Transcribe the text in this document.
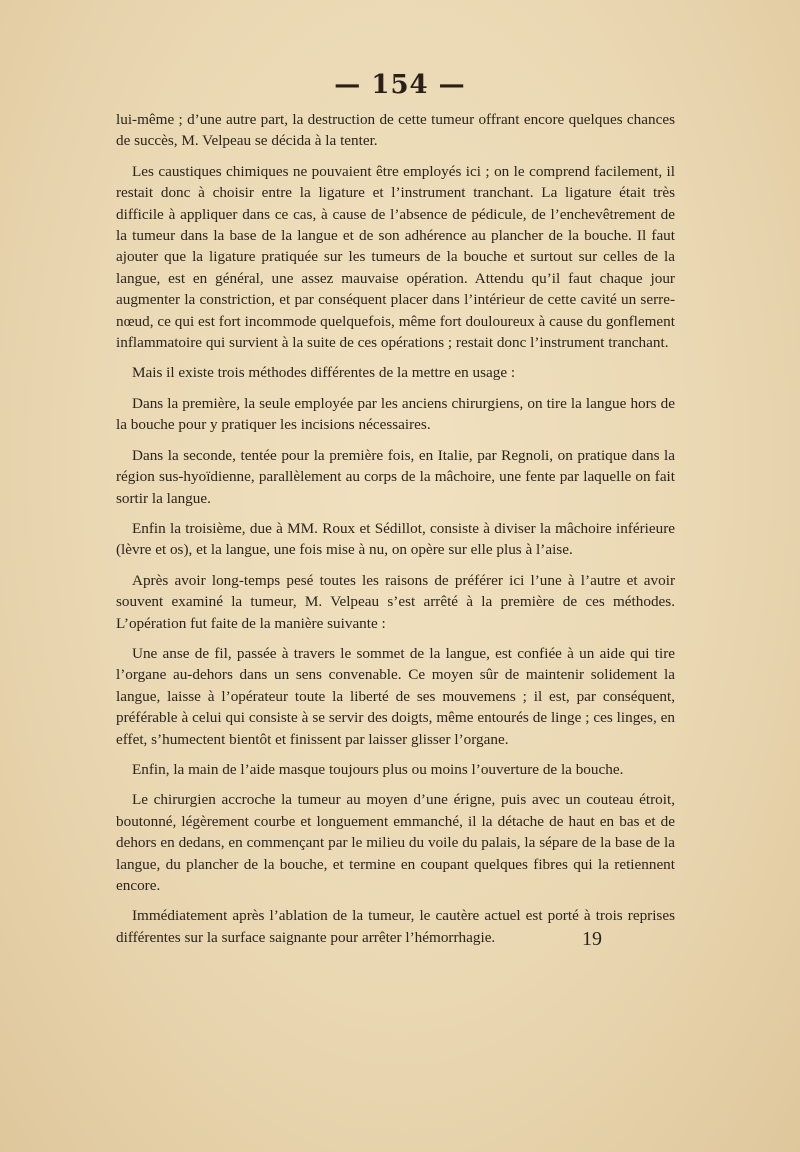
— 154 —

lui-même ; d’une autre part, la destruction de cette tumeur offrant encore quelques chances de succès, M. Velpeau se décida à la tenter.

Les caustiques chimiques ne pouvaient être employés ici ; on le comprend facilement, il restait donc à choisir entre la ligature et l’instrument tranchant. La ligature était très difficile à appliquer dans ce cas, à cause de l’absence de pédicule, de l’enchevêtrement de la tumeur dans la base de la langue et de son adhérence au plancher de la bouche. Il faut ajouter que la ligature pratiquée sur les tumeurs de la bouche et surtout sur celles de la langue, est en général, une assez mauvaise opération. Attendu qu’il faut chaque jour augmenter la constriction, et par conséquent placer dans l’intérieur de cette cavité un serre-nœud, ce qui est fort incommode quelquefois, même fort douloureux à cause du gonflement inflammatoire qui survient à la suite de ces opérations ; restait donc l’instrument tranchant.

Mais il existe trois méthodes différentes de la mettre en usage :

Dans la première, la seule employée par les anciens chirurgiens, on tire la langue hors de la bouche pour y pratiquer les incisions nécessaires.

Dans la seconde, tentée pour la première fois, en Italie, par Regnoli, on pratique dans la région sus-hyoïdienne, parallèlement au corps de la mâchoire, une fente par laquelle on fait sortir la langue.

Enfin la troisième, due à MM. Roux et Sédillot, consiste à diviser la mâchoire inférieure (lèvre et os), et la langue, une fois mise à nu, on opère sur elle plus à l’aise.

Après avoir long-temps pesé toutes les raisons de préférer ici l’une à l’autre et avoir souvent examiné la tumeur, M. Velpeau s’est arrêté à la première de ces méthodes. L’opération fut faite de la manière suivante :

Une anse de fil, passée à travers le sommet de la langue, est confiée à un aide qui tire l’organe au-dehors dans un sens convenable. Ce moyen sûr de maintenir solidement la langue, laisse à l’opérateur toute la liberté de ses mouvemens ; il est, par conséquent, préférable à celui qui consiste à se servir des doigts, même entourés de linge ; ces linges, en effet, s’humectent bientôt et finissent par laisser glisser l’organe.

Enfin, la main de l’aide masque toujours plus ou moins l’ouverture de la bouche.

Le chirurgien accroche la tumeur au moyen d’une érigne, puis avec un couteau étroit, boutonné, légèrement courbe et longuement emmanché, il la détache de haut en bas et de dehors en dedans, en commençant par le milieu du voile du palais, la sépare de la base de la langue, du plancher de la bouche, et termine en coupant quelques fibres qui la retiennent encore.

Immédiatement après l’ablation de la tumeur, le cautère actuel est porté à trois reprises différentes sur la surface saignante pour arrêter l’hémorrhagie.	19
